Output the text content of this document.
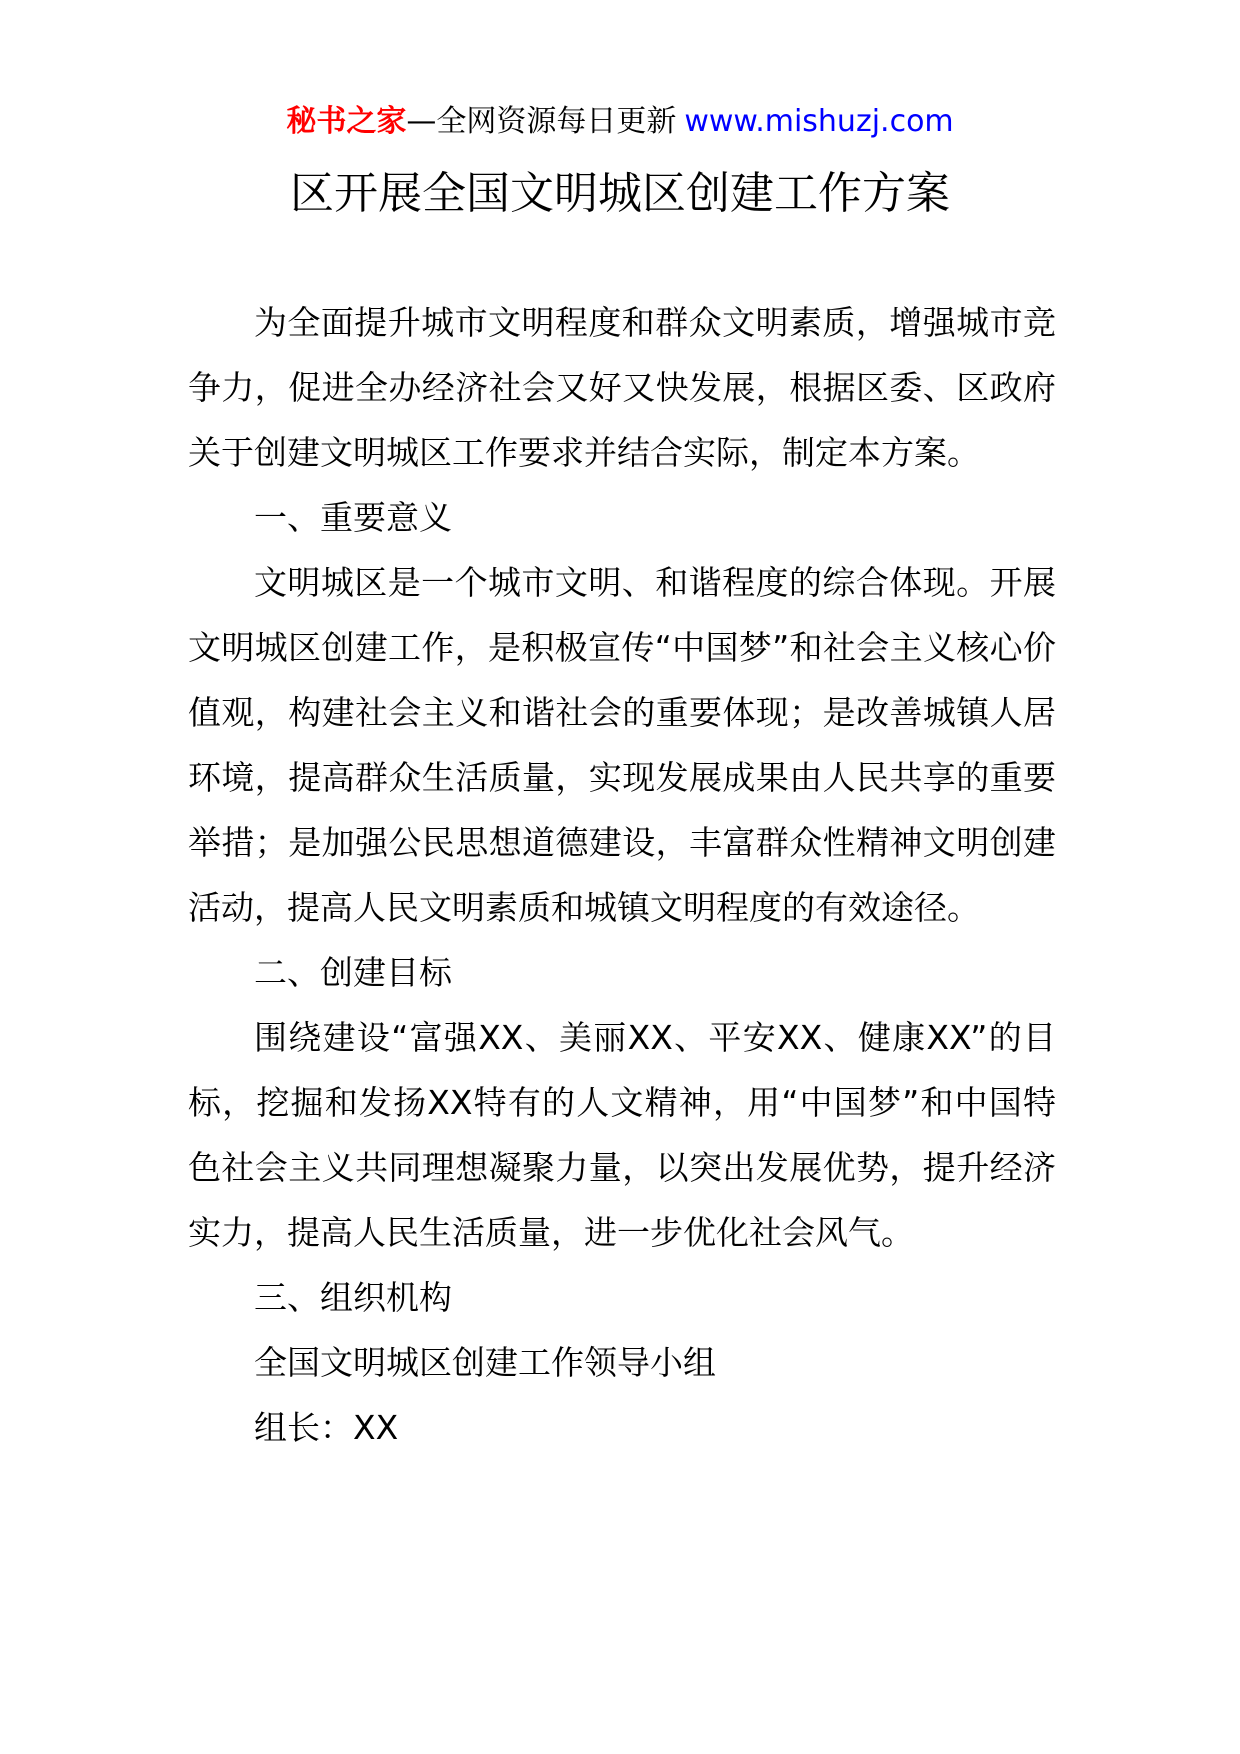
秘书之家—全网资源每日更新 www.mishuzj.com
区开展全国文明城区创建工作方案

为全面提升城市文明程度和群众文明素质，增强城市竞争力，促进全办经济社会又好又快发展，根据区委、区政府关于创建文明城区工作要求并结合实际，制定本方案。

一、重要意义

文明城区是一个城市文明、和谐程度的综合体现。开展文明城区创建工作，是积极宣传“中国梦”和社会主义核心价值观，构建社会主义和谐社会的重要体现；是改善城镇人居环境，提高群众生活质量，实现发展成果由人民共享的重要举措；是加强公民思想道德建设，丰富群众性精神文明创建活动，提高人民文明素质和城镇文明程度的有效途径。

二、创建目标

围绕建设“富强XX、美丽XX、平安XX、健康XX”的目标，挖掘和发扬XX特有的人文精神，用“中国梦”和中国特色社会主义共同理想凝聚力量，以突出发展优势，提升经济实力，提高人民生活质量，进一步优化社会风气。

三、组织机构

全国文明城区创建工作领导小组

组长：XX
